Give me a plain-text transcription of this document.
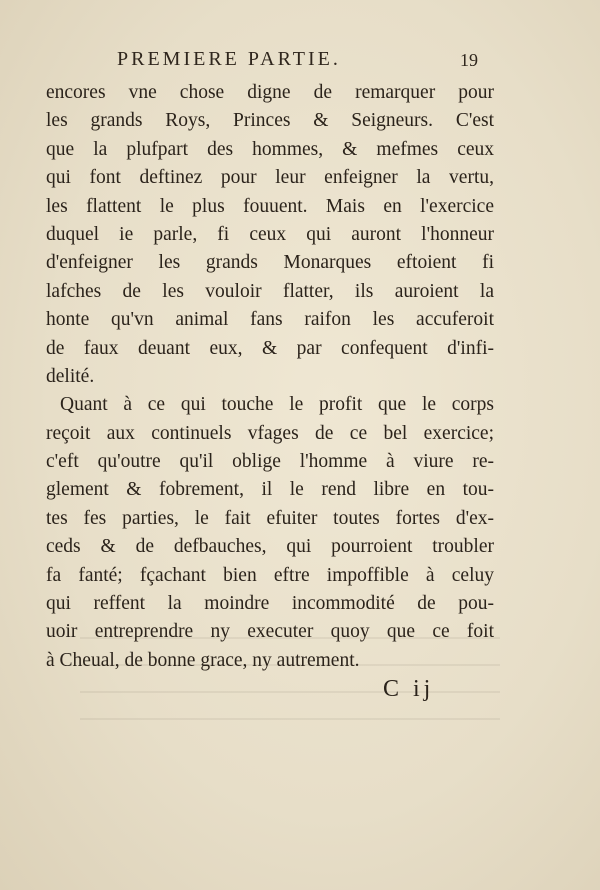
PREMIERE PARTIE.	19
encores vne chose digne de remarquer pour
les grands Roys, Princes & Seigneurs. C'est
que la plufpart des hommes, & mefmes ceux
qui font deftinez pour leur enfeigner la vertu,
les flattent le plus fouuent. Mais en l'exercice
duquel ie parle, fi ceux qui auront l'honneur
d'enfeigner les grands Monarques eftoient fi
lafches de les vouloir flatter, ils auroient la
honte qu'vn animal fans raifon les accuferoit
de faux deuant eux, & par confequent d'infi-
delité.
Quant à ce qui touche le profit que le corps
reçoit aux continuels vfages de ce bel exercice;
c'eft qu'outre qu'il oblige l'homme à viure re-
glement & fobrement, il le rend libre en tou-
tes fes parties, le fait efuiter toutes fortes d'ex-
ceds & de defbauches, qui pourroient troubler
fa fanté; fçachant bien eftre impoffible à celuy
qui reffent la moindre incommodité de pou-
uoir entreprendre ny executer quoy que ce foit
à Cheual, de bonne grace, ny autrement.
C ij
